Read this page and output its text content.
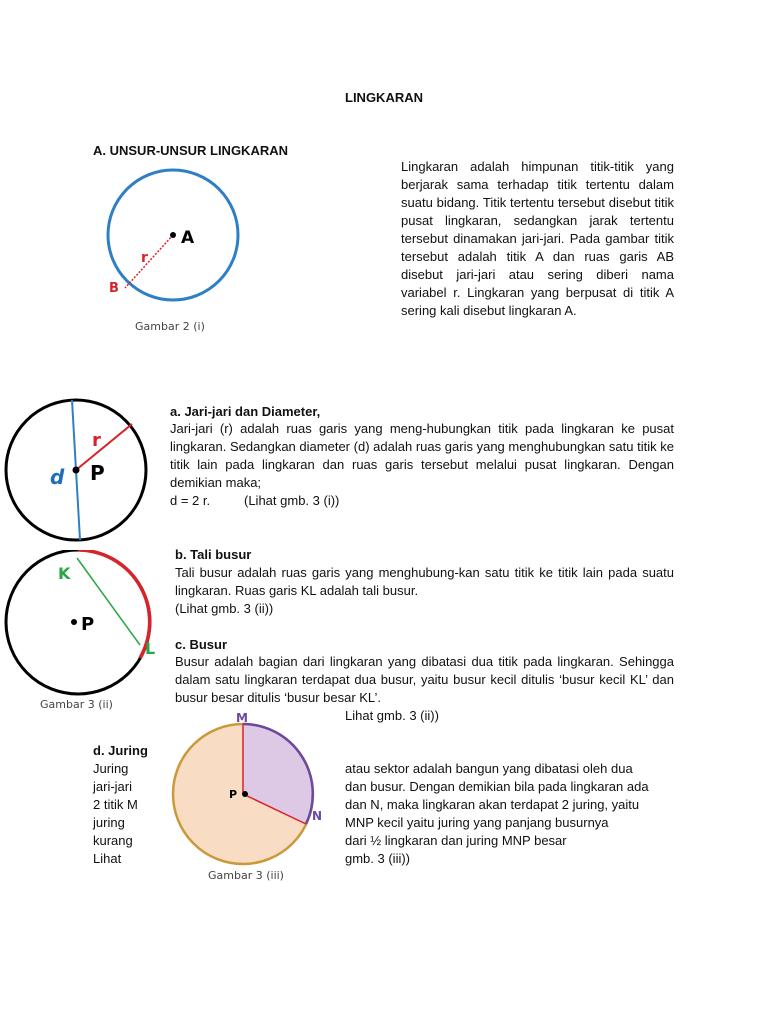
LINGKARAN
A. UNSUR-UNSUR LINGKARAN
A
r
B
Gambar 2 (i)
Lingkaran adalah himpunan titik-titik yang berjarak sama terhadap titik tertentu dalam suatu bidang. Titik tertentu tersebut disebut titik pusat lingkaran, sedangkan jarak tertentu tersebut dinamakan jari-jari. Pada gambar titik tersebut adalah titik A dan ruas garis AB disebut jari-jari atau sering diberi nama variabel r. Lingkaran yang berpusat di titik A sering kali disebut lingkaran A.
P
d
r
a. Jari-jari dan Diameter,
Jari-jari (r) adalah ruas garis yang meng-hubungkan titik pada lingkaran ke pusat lingkaran. Sedangkan diameter (d) adalah ruas garis yang menghubungkan satu titik ke titik lain pada lingkaran dan ruas garis tersebut melalui pusat lingkaran. Dengan demikian maka;
d = 2 r.	(Lihat gmb. 3 (i))
P
K
L
Gambar 3 (ii)
b. Tali busur
Tali busur adalah ruas garis yang menghubung-kan satu titik ke titik lain pada suatu lingkaran. Ruas garis KL adalah tali busur.
(Lihat gmb. 3 (ii))
c. Busur
Busur adalah bagian dari lingkaran yang dibatasi dua titik pada lingkaran. Sehingga dalam satu lingkaran terdapat dua busur, yaitu busur kecil ditulis ‘busur kecil KL’ dan busur besar ditulis ‘busur besar KL’.
Lihat gmb. 3 (ii))
d. Juring
Juring
jari-jari
2 titik M
juring
kurang
Lihat
P
M
N
Gambar 3 (iii)
atau sektor adalah bangun yang dibatasi oleh dua
dan busur. Dengan demikian bila pada lingkaran ada
dan N, maka lingkaran akan terdapat 2 juring, yaitu
MNP kecil yaitu juring yang panjang busurnya
dari ½ lingkaran dan juring MNP besar
gmb. 3 (iii))
